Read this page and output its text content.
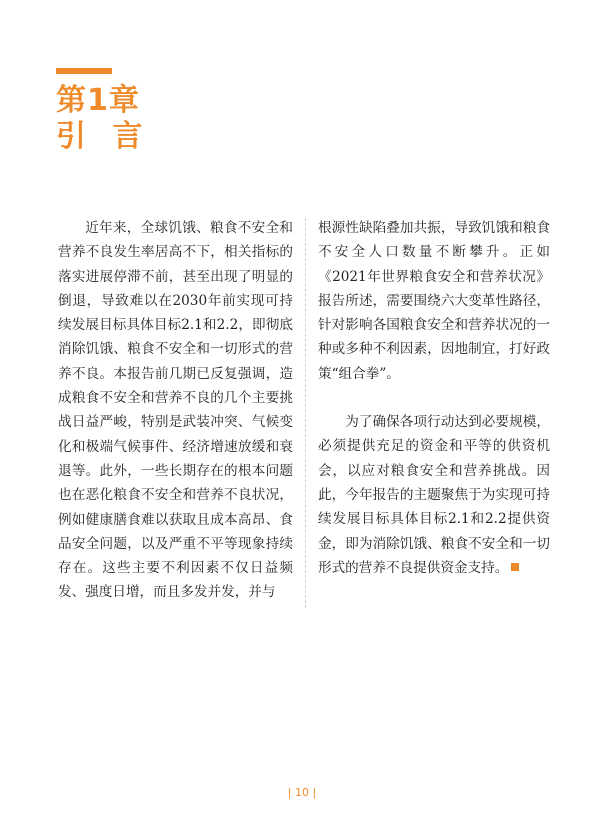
第1章
引 言

近年来，全球饥饿、粮食不安全和营养不良发生率居高不下，相关指标的落实进展停滞不前，甚至出现了明显的倒退，导致难以在2030年前实现可持续发展目标具体目标2.1和2.2，即彻底消除饥饿、粮食不安全和一切形式的营养不良。本报告前几期已反复强调，造成粮食不安全和营养不良的几个主要挑战日益严峻，特别是武装冲突、气候变化和极端气候事件、经济增速放缓和衰退等。此外，一些长期存在的根本问题也在恶化粮食不安全和营养不良状况，例如健康膳食难以获取且成本高昂、食品安全问题，以及严重不平等现象持续存在。这些主要不利因素不仅日益频发、强度日增，而且多发并发，并与

根源性缺陷叠加共振，导致饥饿和粮食不安全人口数量不断攀升。正如《2021年世界粮食安全和营养状况》报告所述，需要围绕六大变革性路径，针对影响各国粮食安全和营养状况的一种或多种不利因素，因地制宜，打好政策“组合拳”。

为了确保各项行动达到必要规模，必须提供充足的资金和平等的供资机会，以应对粮食安全和营养挑战。因此，今年报告的主题聚焦于为实现可持续发展目标具体目标2.1和2.2提供资金，即为消除饥饿、粮食不安全和一切形式的营养不良提供资金支持。

| 10 |
